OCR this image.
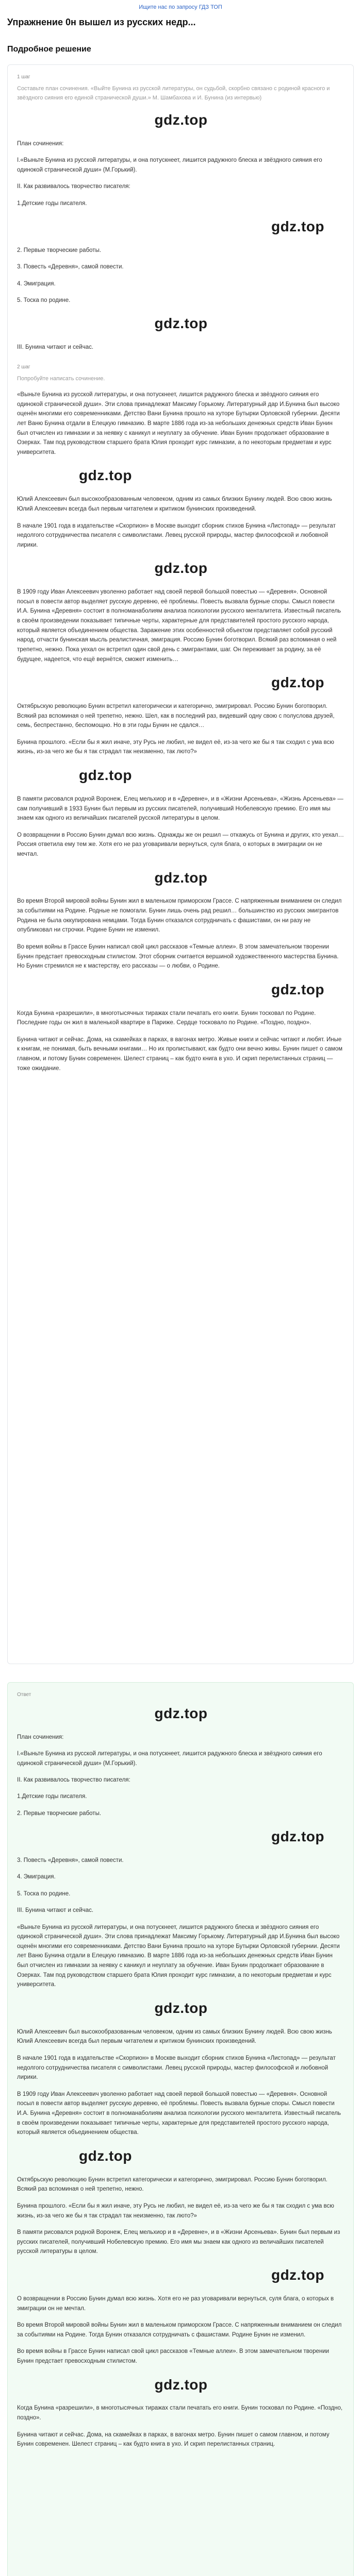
Ищите нас по запросу ГДЗ ТОП
Упражнение 0н вышел из русских недр...
Подробное решение
1 шаг
Составьте план сочинения. «Выйте Бунина из русской литературы, он судьбой, скорбно связано с родиной красного и звёздного сияния его единой странической души.» М. Шамбахова и И. Бунина (из интервью)
gdz.top
План сочинения:
I.«Выньте Бунина из русской литературы, и она потускнеет, лишится радужного блеска и звёздного сияния его одинокой странической души» (М.Горький).
II. Как развивалось творчество писателя:
1.Детские годы писателя.
gdz.top
2. Первые творческие работы.
3. Повесть «Деревня», самой повести.
4. Эмиграция.
5. Тоска по родине.
gdz.top
III. Бунина читают и сейчас.
2 шаг
Попробуйте написать сочинение.

«Выньте Бунина из русской литературы, и она потускнеет, лишится радужного блеска и звёздного сияния его одинокой странической души». Эти слова принадлежат Максиму Горькому. Литературный дар И.Бунина был высоко оценён многими его современниками. Детство Вани Бунина прошло на хуторе Бутырки Орловской губернии. Десяти лет Ваню Бунина отдали в Елецкую гимназию. В марте 1886 года из-за небольших денежных средств Иван Бунин был отчислен из гимназии и за неявку с каникул и неуплату за обучение. Иван Бунин продолжает образование в Озерках. Там под руководством старшего брата Юлия проходит курс гимназии, а по некоторым предметам и курс университета.

gdz.top

Юлий Алексеевич был высокообразованным человеком, одним из самых близких Бунину людей. Всю свою жизнь Юлий Алексеевич всегда был первым читателем и критиком бунинских произведений.

В начале 1901 года в издательстве «Скорпион» в Москве выходит сборник стихов Бунина «Листопад» — результат недолгого сотрудничества писателя с символистами. Левец русской природы, мастер философской и любовной лирики.

gdz.top

В 1909 году Иван Алексеевич уволенно работает над своей первой большой повестью — «Деревня». Основной посыл в повести автор выделяет русскую деревню, её проблемы. Повесть вызвала бурные споры. Смысл повести И.А. Бунина «Деревня» состоит в полноманаболиям анализа психологии русского менталитета. Известный писатель в своём произведении показывает типичные черты, характерные для представителей простого русского народа, который является объединением общества. Заражение этих особенностей объектом представляет собой русский народ, отчасти бунинская мысль реалистичная, эмиграция. Россию Бунин боготворил. Всякий раз вспоминая о ней трепетно, нежно. Пока уехал он встретил один свой день с эмигрантами, шаг. Он переживает за родину, за её будущее, надеется, что ещё вернётся, сможет изменить…

gdz.top

Октябрьскую революцию Бунин встретил категорически и категорично, эмигрировал. Россию Бунин боготворил. Всякий раз вспоминая о ней трепетно, нежно. Шел, как в последний раз, видевший одну свою с полуслова друзей, семь, беспрестанно, беспомощно. Но в эти годы Бунин не сдался…

Бунина прошлого. «Если бы я жил иначе, эту Русь не любил, не видел её, из-за чего же бы я так сходил с ума всю жизнь, из-за чего же бы я так страдал так неизменно, так люто?»

gdz.top

В памяти рисовался родной Воронеж, Елец мельхиор и в «Деревне», и в «Жизни Арсеньева», «Жизнь Арсеньева» — сам получивший в 1933 Бунин был первым из русских писателей, получивший Нобелевскую премию. Его имя мы знаем как одного из величайших писателей русской литературы в целом.

О возвращении в Россию Бунин думал всю жизнь. Однажды же он решил — откажусь от Бунина и других, кто уехал… Россия ответила ему тем же. Хотя его не раз уговаривали вернуться, суля блага, о которых в эмиграции он не мечтал.

gdz.top

Во время Второй мировой войны Бунин жил в маленьком приморском Грассе. С напряженным вниманием он следил за событиями на Родине. Родные не помогали. Бунин лишь очень рад решил… большинство из русских эмигрантов Родина не была оккупирована немцами. Тогда Бунин отказался сотрудничать с фашистами, он ни разу не опубликовал ни строчки. Родине Бунин не изменил.

Во время войны в Грассе Бунин написал свой цикл рассказов «Темные аллеи». В этом замечательном творении Бунин предстает превосходным стилистом. Этот сборник считается вершиной художественного мастерства Бунина. Но Бунин стремился не к мастерству, его рассказы — о любви, о Родине.

gdz.top

Когда Бунина «разрешили», в многотысячных тиражах стали печатать его книги. Бунин тосковал по Родине. Последние годы он жил в маленькой квартире в Париже. Сердце тосковало по Родине. «Поздно, поздно».

Бунина читают и сейчас. Дома, на скамейках в парках, в вагонах метро. Живые книги и сейчас читают и любят. Иные к книгам, не понимая, быть вечными книгами… Но их пролистывают, как будто они вечно живы. Бунин пишет о самом главном, и потому Бунин современен. Шелест страниц – как будто книга в ухо. И скрип перелистанных страниц — тоже ожидание.

Ответ
gdz.top
План сочинения:
I.«Выньте Бунина из русской литературы, и она потускнеет, лишится радужного блеска и звёздного сияния его одинокой странической души» (М.Горький).
II. Как развивалось творчество писателя:
1.Детские годы писателя.
2. Первые творческие работы.
gdz.top
3. Повесть «Деревня», самой повести.
4. Эмиграция.
5. Тоска по родине.
III. Бунина читают и сейчас.

«Выньте Бунина из русской литературы, и она потускнеет, лишится радужного блеска и звёздного сияния его одинокой странической души». Эти слова принадлежат Максиму Горькому. Литературный дар И.Бунина был высоко оценён многими его современниками. Детство Вани Бунина прошло на хуторе Бутырки Орловской губернии. Десяти лет Ваню Бунина отдали в Елецкую гимназию. В марте 1886 года из-за небольших денежных средств Иван Бунин был отчислен из гимназии за неявку с каникул и неуплату за обучение. Иван Бунин продолжает образование в Озерках. Там под руководством старшего брата Юлия проходит курс гимназии, а по некоторым предметам и курс университета.

gdz.top

Юлий Алексеевич был высокообразованным человеком, одним из самых близких Бунину людей. Всю свою жизнь Юлий Алексеевич всегда был первым читателем и критиком бунинских произведений.

В начале 1901 года в издательстве «Скорпион» в Москве выходит сборник стихов Бунина «Листопад» — результат недолгого сотрудничества писателя с символистами. Левец русской природы, мастер философской и любовной лирики.

В 1909 году Иван Алексеевич уволенно работает над своей первой большой повестью — «Деревня». Основной посыл в повести автор выделяет русскую деревню, её проблемы. Повесть вызвала бурные споры. Смысл повести И.А. Бунина «Деревня» состоит в полноманаболиям анализа психологии русского менталитета. Известный писатель в своём произведении показывает типичные черты, характерные для представителей простого русского народа, который является объединением общества.

gdz.top

Октябрьскую революцию Бунин встретил категорически и категорично, эмигрировал. Россию Бунин боготворил. Всякий раз вспоминая о ней трепетно, нежно.

Бунина прошлого. «Если бы я жил иначе, эту Русь не любил, не видел её, из-за чего же бы я так сходил с ума всю жизнь, из-за чего же бы я так страдал так неизменно, так люто?»

В памяти рисовался родной Воронеж, Елец мельхиор и в «Деревне», и в «Жизни Арсеньева». Бунин был первым из русских писателей, получивший Нобелевскую премию. Его имя мы знаем как одного из величайших писателей русской литературы в целом.

gdz.top

О возвращении в Россию Бунин думал всю жизнь. Хотя его не раз уговаривали вернуться, суля блага, о которых в эмиграции он не мечтал.

Во время Второй мировой войны Бунин жил в маленьком приморском Грассе. С напряженным вниманием он следил за событиями на Родине. Тогда Бунин отказался сотрудничать с фашистами. Родине Бунин не изменил.

Во время войны в Грассе Бунин написал свой цикл рассказов «Темные аллеи». В этом замечательном творении Бунин предстает превосходным стилистом.

gdz.top

Когда Бунина «разрешили», в многотысячных тиражах стали печатать его книги. Бунин тосковал по Родине. «Поздно, поздно».

Бунина читают и сейчас. Дома, на скамейках в парках, в вагонах метро. Бунин пишет о самом главном, и потому Бунин современен. Шелест страниц – как будто книга в ухо. И скрип перелистанных страниц.
